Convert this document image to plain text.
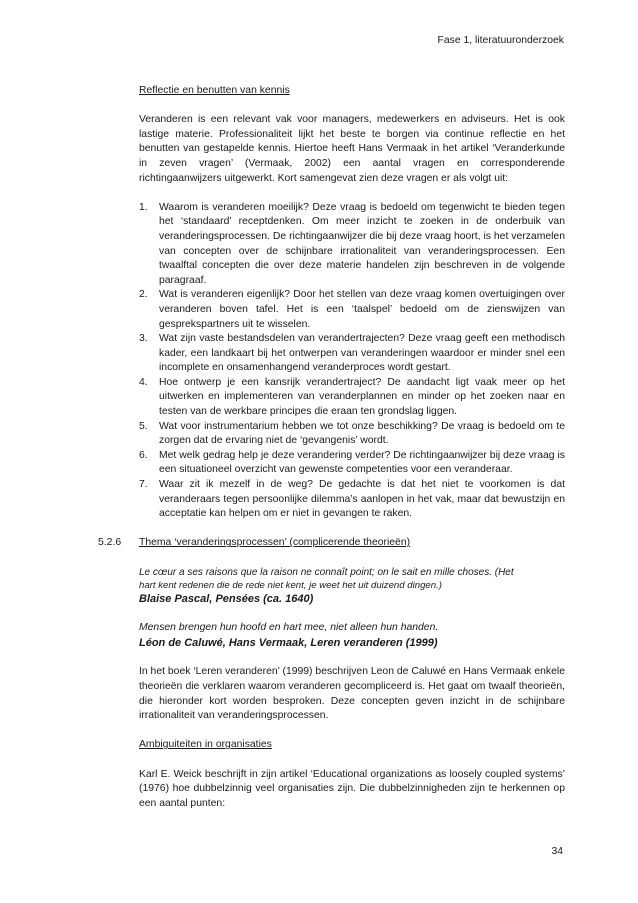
Fase 1, literatuuronderzoek

Reflectie en benutten van kennis

Veranderen is een relevant vak voor managers, medewerkers en adviseurs. Het is ook lastige materie. Professionaliteit lijkt het beste te borgen via continue reflectie en het benutten van gestapelde kennis. Hiertoe heeft Hans Vermaak in het artikel ‘Veranderkunde in zeven vragen’ (Vermaak, 2002) een aantal vragen en corresponderende richtingaanwijzers uitgewerkt. Kort samengevat zien deze vragen er als volgt uit:

1. Waarom is veranderen moeilijk? Deze vraag is bedoeld om tegenwicht te bieden tegen het ‘standaard’ receptdenken. Om meer inzicht te zoeken in de onderbuik van veranderingsprocessen. De richtingaanwijzer die bij deze vraag hoort, is het verzamelen van concepten over de schijnbare irrationaliteit van veranderingsprocessen. Een twaalftal concepten die over deze materie handelen zijn beschreven in de volgende paragraaf.
2. Wat is veranderen eigenlijk? Door het stellen van deze vraag komen overtuigingen over veranderen boven tafel. Het is een ‘taalspel’ bedoeld om de zienswijzen van gesprekspartners uit te wisselen.
3. Wat zijn vaste bestandsdelen van verandertrajecten? Deze vraag geeft een methodisch kader, een landkaart bij het ontwerpen van veranderingen waardoor er minder snel een incomplete en onsamenhangend veranderproces wordt gestart.
4. Hoe ontwerp je een kansrijk verandertraject? De aandacht ligt vaak meer op het uitwerken en implementeren van veranderplannen en minder op het zoeken naar en testen van de werkbare principes die eraan ten grondslag liggen.
5. Wat voor instrumentarium hebben we tot onze beschikking? De vraag is bedoeld om te zorgen dat de ervaring niet de ‘gevangenis’ wordt.
6. Met welk gedrag help je deze verandering verder? De richtingaanwijzer bij deze vraag is een situationeel overzicht van gewenste competenties voor een veranderaar.
7. Waar zit ik mezelf in de weg? De gedachte is dat het niet te voorkomen is dat veranderaars tegen persoonlijke dilemma’s aanlopen in het vak, maar dat bewustzijn en acceptatie kan helpen om er niet in gevangen te raken.
5.2.6 Thema ‘veranderingsprocessen’ (complicerende theorieën)

Le cœur a ses raisons que la raison ne connaît point; on le sait en mille choses. (Het

hart kent redenen die de rede niet kent, je weet het uit duizend dingen.)

Blaise Pascal, Pensées (ca. 1640)

Mensen brengen hun hoofd en hart mee, niet alleen hun handen.

Léon de Caluwé, Hans Vermaak, Leren veranderen (1999)

In het boek ‘Leren veranderen’ (1999) beschrijven Leon de Caluwé en Hans Vermaak enkele theorieën die verklaren waarom veranderen gecompliceerd is. Het gaat om twaalf theorieën, die hieronder kort worden besproken. Deze concepten geven inzicht in de schijnbare irrationaliteit van veranderingsprocessen.

Ambiguiteiten in organisaties

Karl E. Weick beschrijft in zijn artikel ‘Educational organizations as loosely coupled systems’ (1976) hoe dubbelzinnig veel organisaties zijn. Die dubbelzinnigheden zijn te herkennen op een aantal punten:

34
